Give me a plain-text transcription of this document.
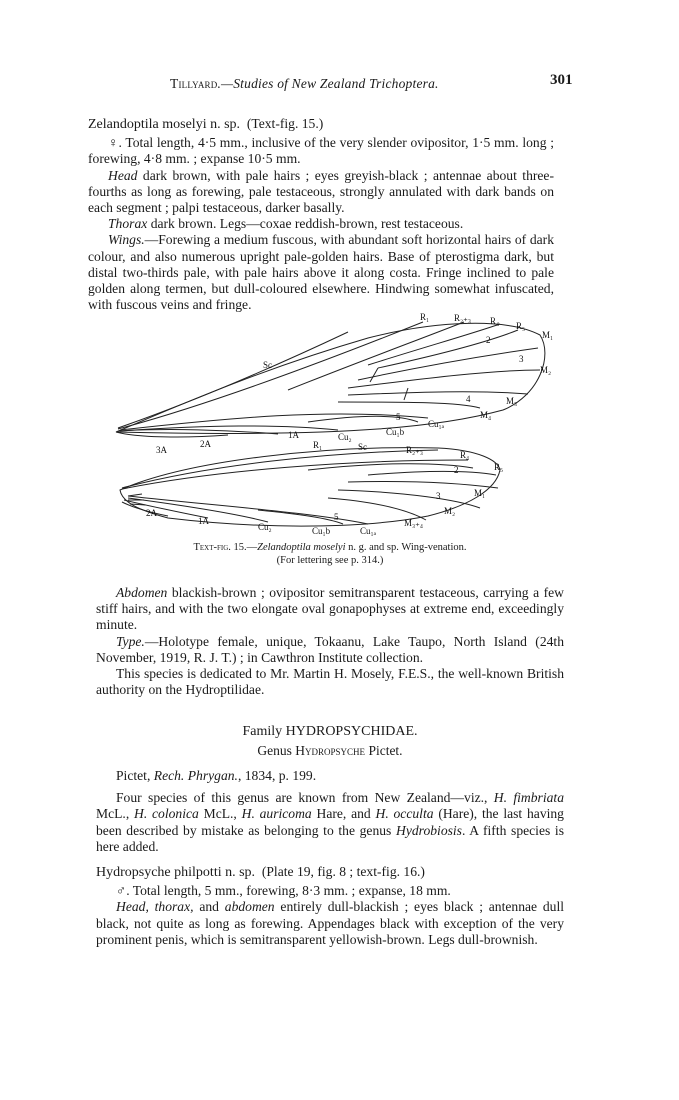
Tillyard.—Studies of New Zealand Trichoptera.	301

Zelandoptila moselyi n. sp. (Text-fig. 15.)

♀. Total length, 4·5 mm., inclusive of the very slender ovipositor, 1·5 mm. long ; forewing, 4·8 mm. ; expanse 10·5 mm.

Head dark brown, with pale hairs ; eyes greyish-black ; antennae about three-fourths as long as forewing, pale testaceous, strongly annulated with dark bands on each segment ; palpi testaceous, darker basally.

Thorax dark brown. Legs—coxae reddish-brown, rest testaceous.

Wings.—Forewing a medium fuscous, with abundant soft horizontal hairs of dark colour, and also numerous upright pale-golden hairs. Base of pterostigma dark, but distal two-thirds pale, with pale hairs above it along costa. Fringe inclined to pale golden along termen, but dull-coloured elsewhere. Hindwing somewhat infuscated, with fuscous veins and fringe.

R₁	R₂₊₃ R₄ R₅
M₁
M₂
M₃
M₄
Sc
2
3
4
5
Cu₁ₐ
Cu₁b
Cu₂
1A
2A
3A	R₁	Sc	R₂₊₃	R₄
R₅
2
3	M₁
M₂
M₃₊₄
Cu₁ₐ
Cu₁b
5
Cu₂
1A
2A
Text-fig. 15.—Zelandoptila moselyi n. g. and sp. Wing-venation.
(For lettering see p. 314.)

Abdomen blackish-brown ; ovipositor semitransparent testaceous, carrying a few stiff hairs, and with the two elongate oval gonapophyses at extreme end, exceedingly minute.

Type.—Holotype female, unique, Tokaanu, Lake Taupo, North Island (24th November, 1919, R. J. T.) ; in Cawthron Institute collection.

This species is dedicated to Mr. Martin H. Mosely, F.E.S., the well-known British authority on the Hydroptilidae.

Family HYDROPSYCHIDAE.
Genus Hydropsyche Pictet.

Pictet, Rech. Phrygan., 1834, p. 199.

Four species of this genus are known from New Zealand—viz., H. fimbriata McL., H. colonica McL., H. auricoma Hare, and H. occulta (Hare), the last having been described by mistake as belonging to the genus Hydrobiosis. A fifth species is here added.

Hydropsyche philpotti n. sp. (Plate 19, fig. 8 ; text-fig. 16.)

♂. Total length, 5 mm., forewing, 8·3 mm. ; expanse, 18 mm.

Head, thorax, and abdomen entirely dull-blackish ; eyes black ; antennae dull black, not quite as long as forewing. Appendages black with exception of the very prominent penis, which is semitransparent yellowish-brown. Legs dull-brownish.
